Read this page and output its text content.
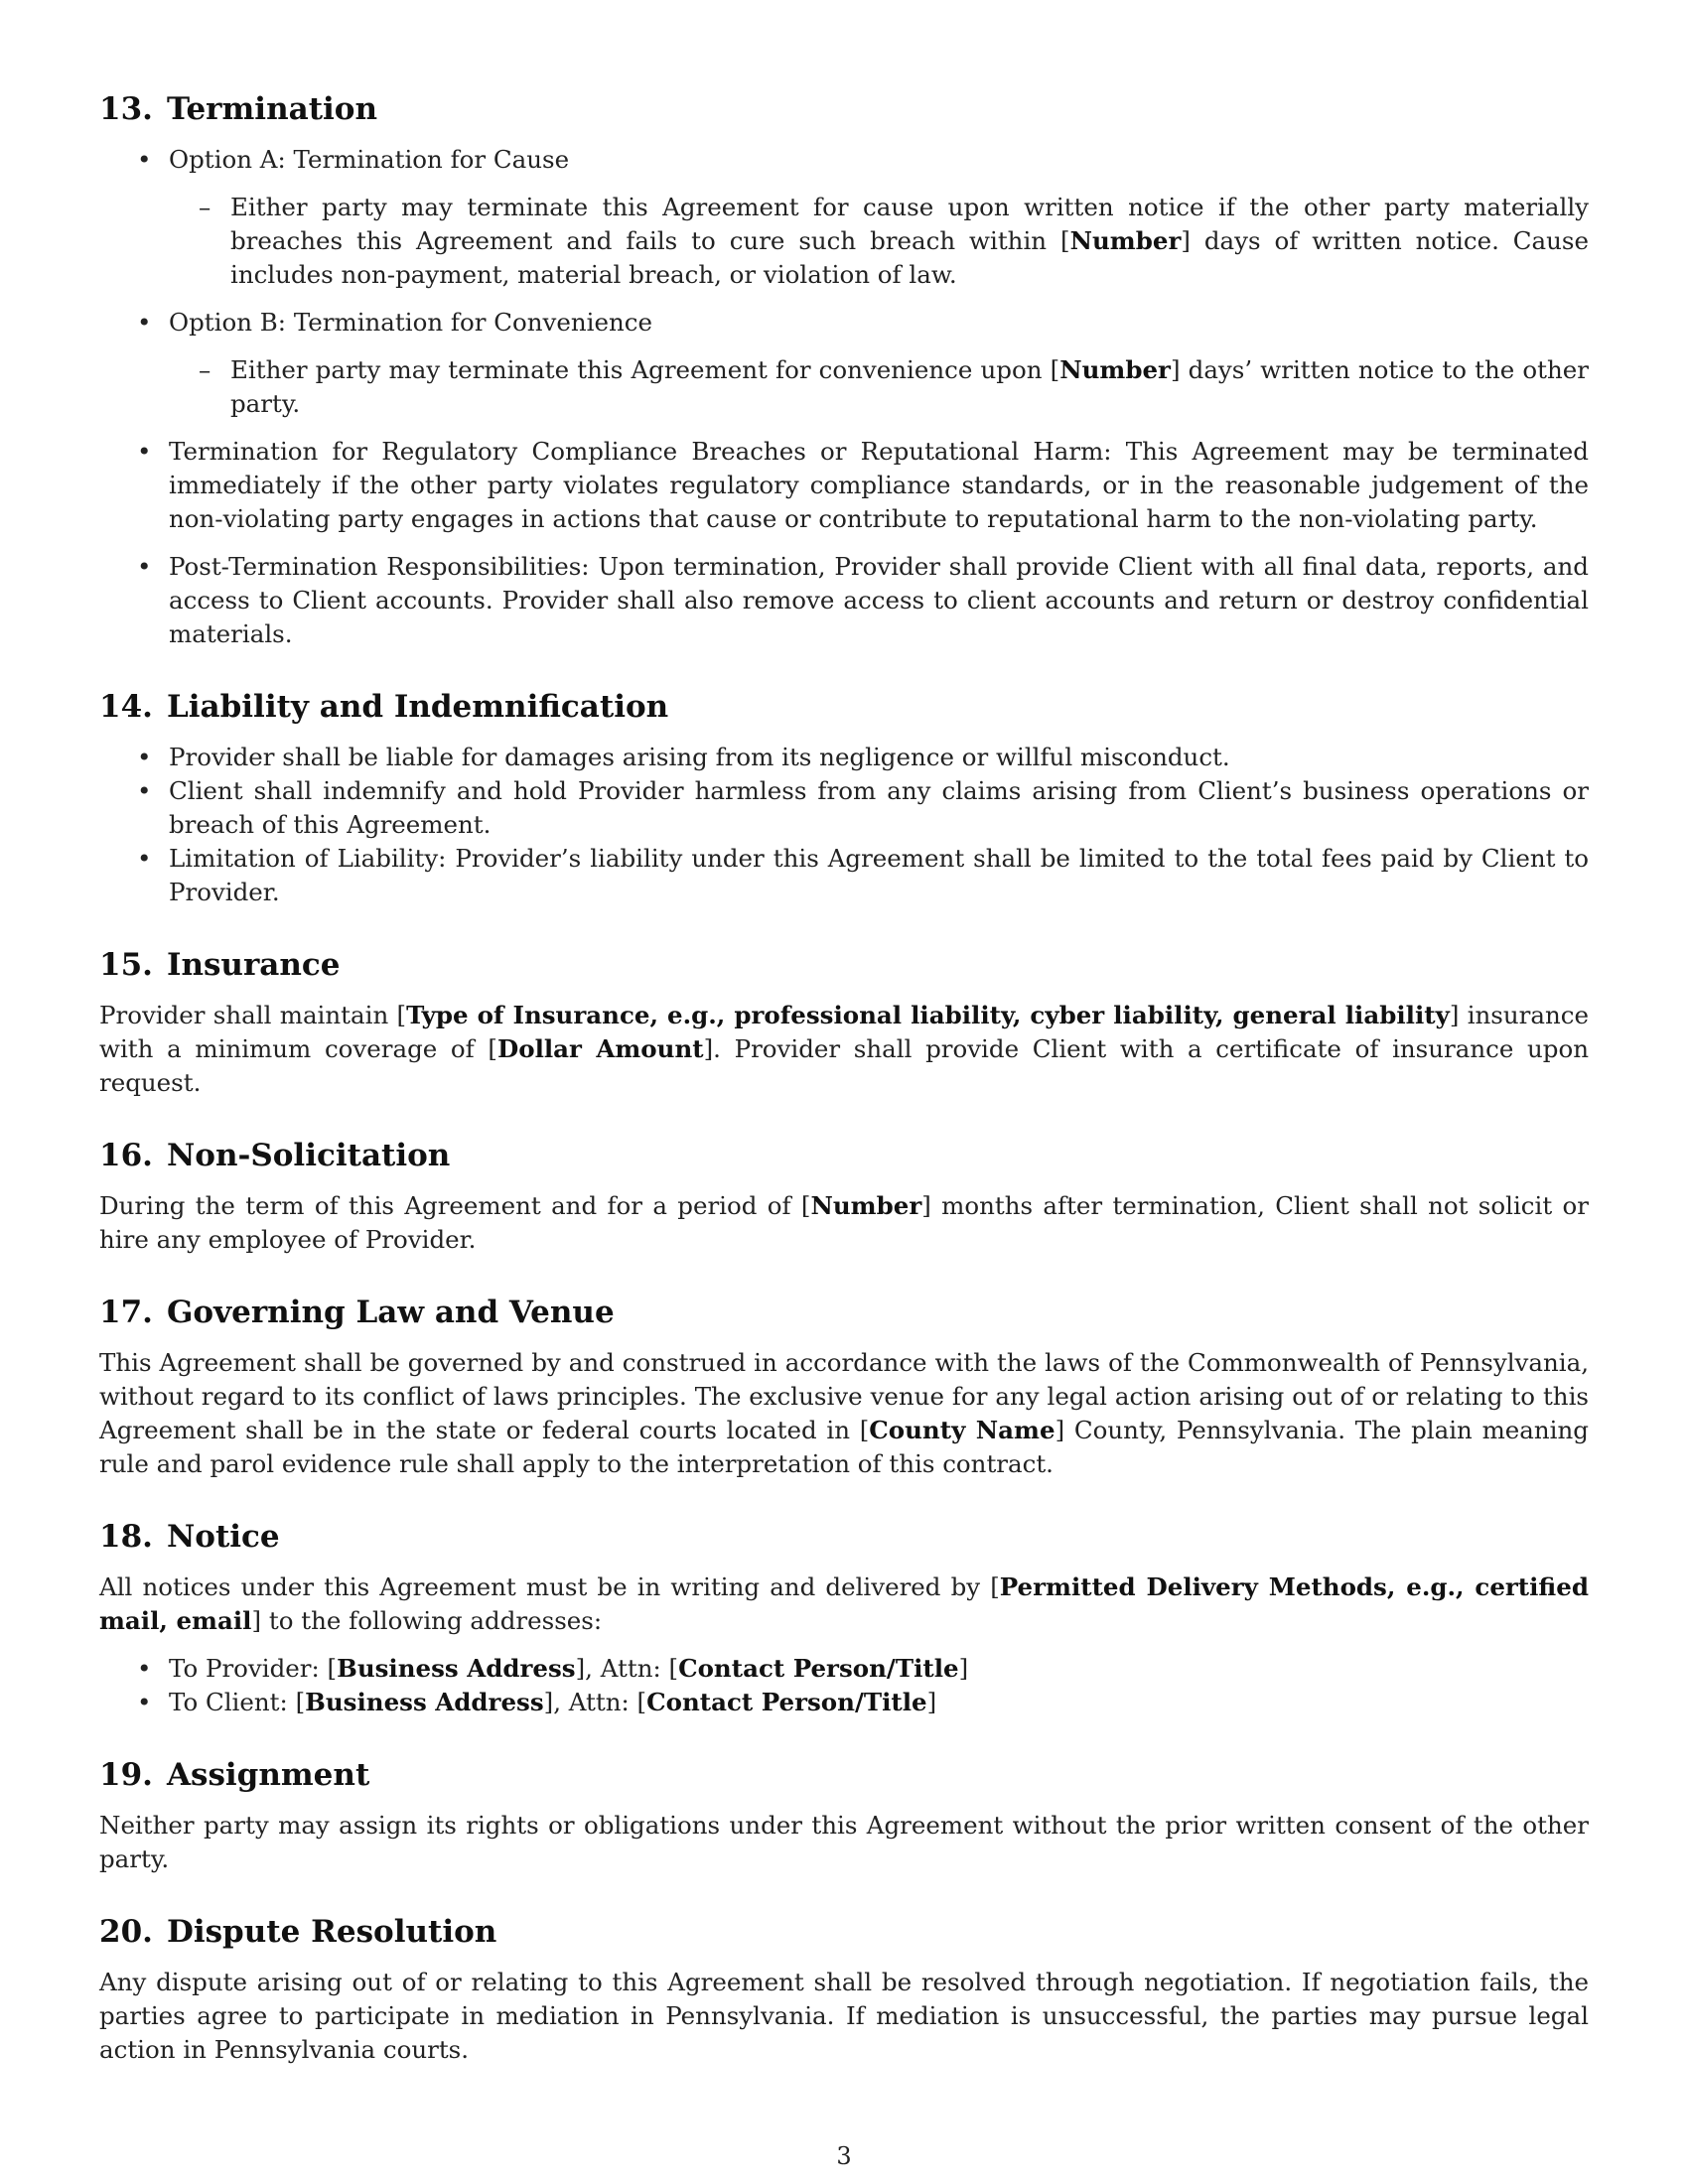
13. Termination
• Option A: Termination for Cause
– Either party may terminate this Agreement for cause upon written notice if the other party materially breaches this Agreement and fails to cure such breach within [Number] days of written notice. Cause includes non-payment, material breach, or violation of law.
• Option B: Termination for Convenience
– Either party may terminate this Agreement for convenience upon [Number] days’ written notice to the other party.
• Termination for Regulatory Compliance Breaches or Reputational Harm: This Agreement may be terminated immediately if the other party violates regulatory compliance standards, or in the reasonable judgement of the non-violating party engages in actions that cause or contribute to reputational harm to the non-violating party.
• Post-Termination Responsibilities: Upon termination, Provider shall provide Client with all final data, reports, and access to Client accounts. Provider shall also remove access to client accounts and return or destroy confidential materials.
14. Liability and Indemnification
• Provider shall be liable for damages arising from its negligence or willful misconduct.
• Client shall indemnify and hold Provider harmless from any claims arising from Client’s business operations or breach of this Agreement.
• Limitation of Liability: Provider’s liability under this Agreement shall be limited to the total fees paid by Client to Provider.
15. Insurance

Provider shall maintain [Type of Insurance, e.g., professional liability, cyber liability, general liability] insurance with a minimum coverage of [Dollar Amount]. Provider shall provide Client with a certificate of insurance upon request.

16. Non-Solicitation

During the term of this Agreement and for a period of [Number] months after termination, Client shall not solicit or hire any employee of Provider.

17. Governing Law and Venue

This Agreement shall be governed by and construed in accordance with the laws of the Commonwealth of Pennsylvania, without regard to its conflict of laws principles. The exclusive venue for any legal action arising out of or relating to this Agreement shall be in the state or federal courts located in [County Name] County, Pennsylvania. The plain meaning rule and parol evidence rule shall apply to the interpretation of this contract.

18. Notice

All notices under this Agreement must be in writing and delivered by [Permitted Delivery Methods, e.g., certified mail, email] to the following addresses:

• To Provider: [Business Address], Attn: [Contact Person/Title]
• To Client: [Business Address], Attn: [Contact Person/Title]
19. Assignment

Neither party may assign its rights or obligations under this Agreement without the prior written consent of the other party.

20. Dispute Resolution

Any dispute arising out of or relating to this Agreement shall be resolved through negotiation. If negotiation fails, the parties agree to participate in mediation in Pennsylvania. If mediation is unsuccessful, the parties may pursue legal action in Pennsylvania courts.

3
